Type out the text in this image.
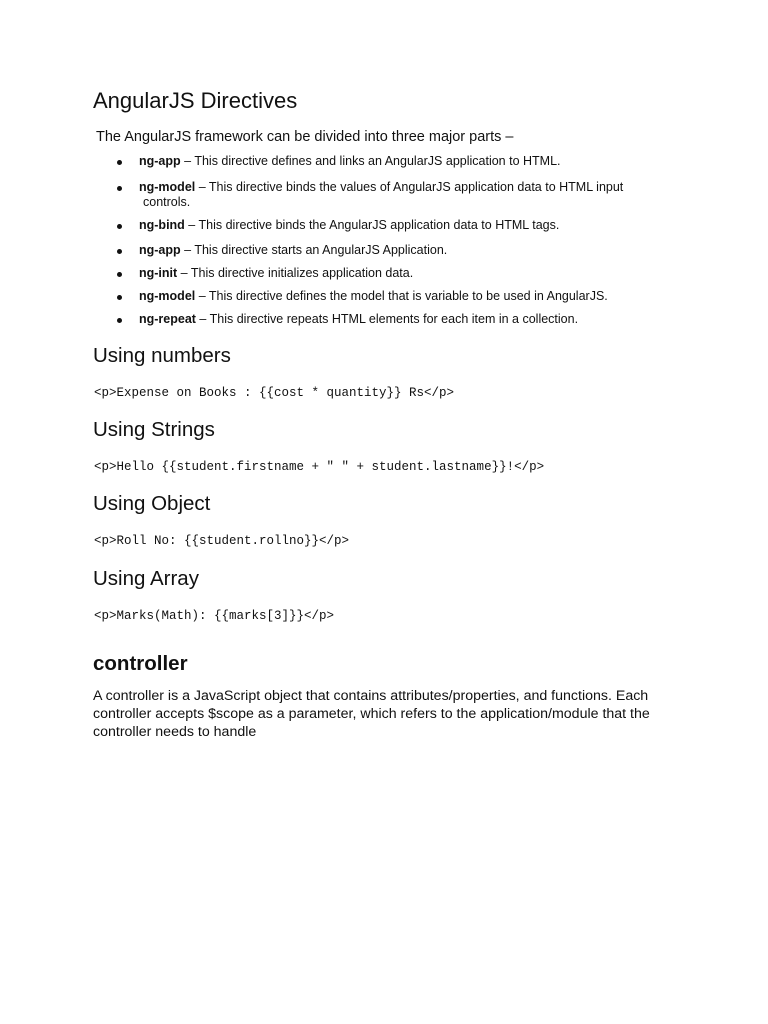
AngularJS Directives
The AngularJS framework can be divided into three major parts –
ng-app – This directive defines and links an AngularJS application to HTML.
ng-model – This directive binds the values of AngularJS application data to HTML input
controls.
ng-bind – This directive binds the AngularJS application data to HTML tags.
ng-app – This directive starts an AngularJS Application.
ng-init – This directive initializes application data.
ng-model – This directive defines the model that is variable to be used in AngularJS.
ng-repeat – This directive repeats HTML elements for each item in a collection.
Using numbers
<p>Expense on Books : {{cost * quantity}} Rs</p>
Using Strings
<p>Hello {{student.firstname + " " + student.lastname}}!</p>
Using Object
<p>Roll No: {{student.rollno}}</p>
Using Array
<p>Marks(Math): {{marks[3]}}</p>
controller
A controller is a JavaScript object that contains attributes/properties, and functions. Each controller accepts $scope as a parameter, which refers to the application/module that the controller needs to handle
